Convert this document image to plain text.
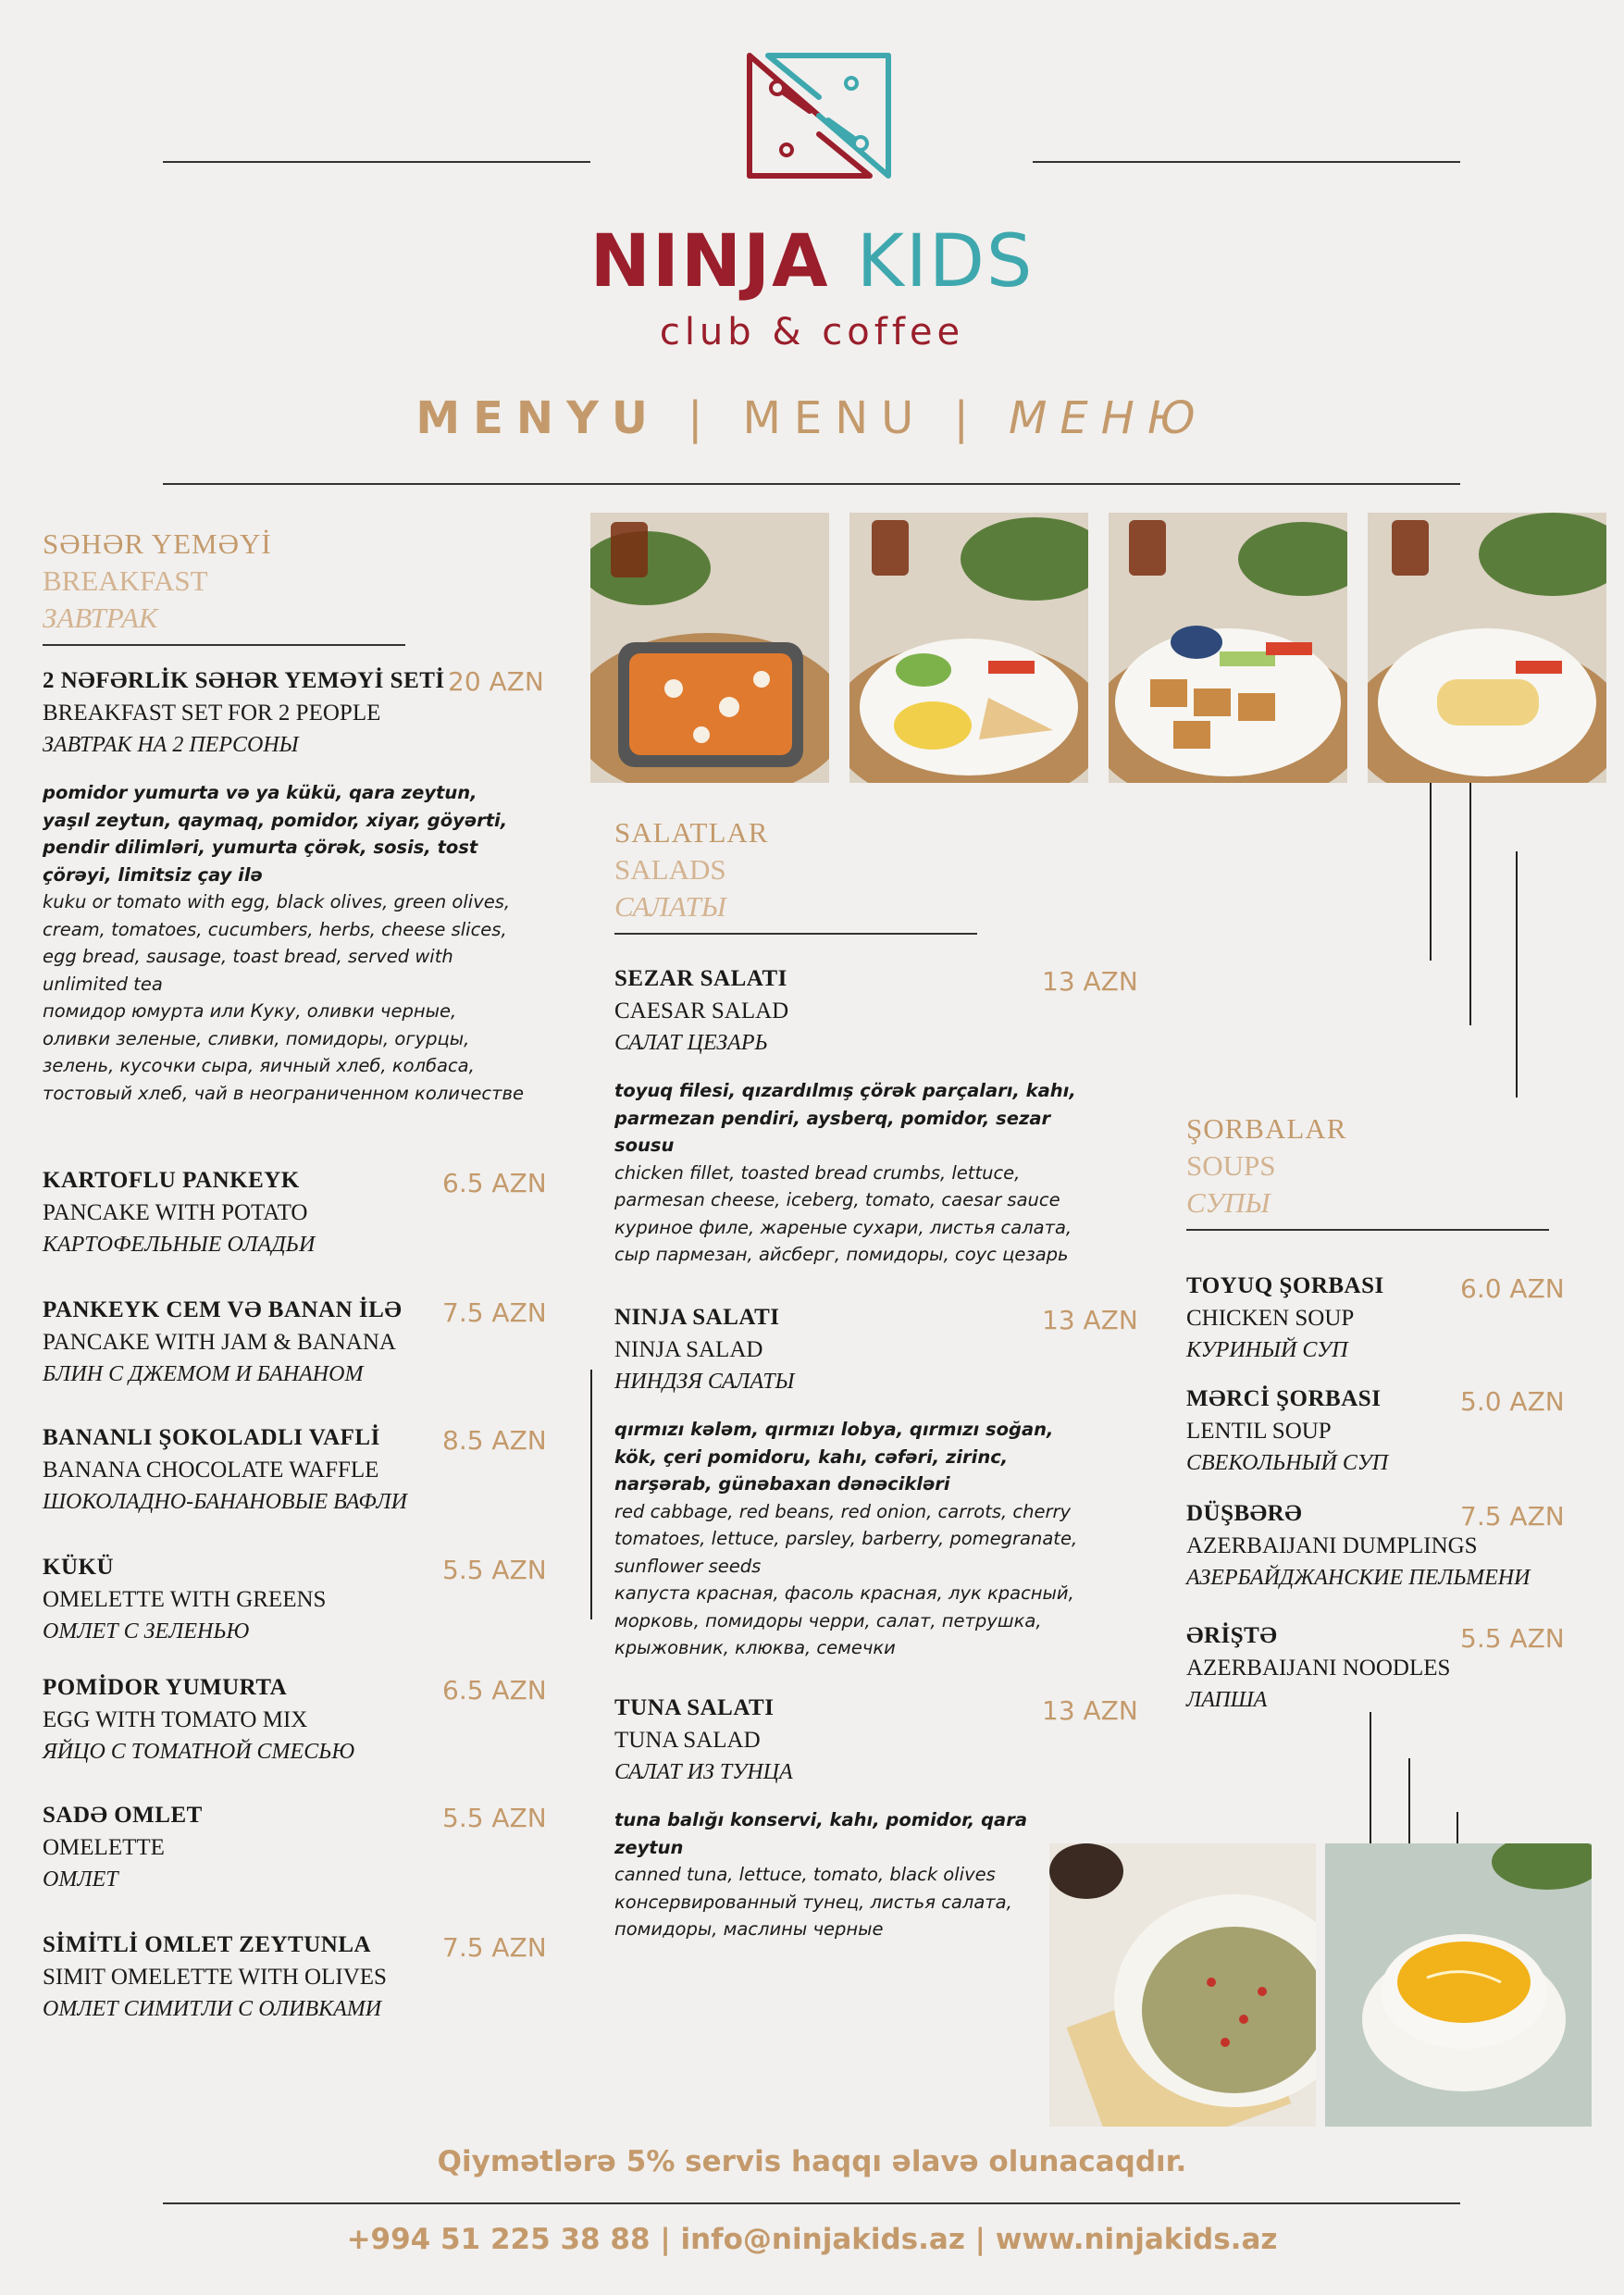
NINJA KIDS
club & coffee
MENYU | MENU | МЕНЮ
SƏHƏR YEMƏYİ
BREAKFAST
ЗАВТРАК
2 NƏFƏRLİK SƏHƏR YEMƏYİ SETİ
BREAKFAST SET FOR 2 PEOPLE
ЗАВТРАК НА 2 ПЕРСОНЫ
20 AZN
pomidor yumurta və ya kükü, qara zeytun, yaşıl zeytun, qaymaq, pomidor, xiyar, göyərti, pendir dilimləri, yumurta çörək, sosis, tost çörəyi, limitsiz çay ilə
kuku or tomato with egg, black olives, green olives, cream, tomatoes, cucumbers, herbs, cheese slices, egg bread, sausage, toast bread, served with unlimited tea
помидор юмурта или Куку, оливки черные, оливки зеленые, сливки, помидоры, огурцы, зелень, кусочки сыра, яичный хлеб, колбаса, тостовый хлеб, чай в неограниченном количестве
KARTOFLU PANKEYK
PANCAKE WITH POTATO
КАРТОФЕЛЬНЫЕ ОЛАДЬИ
6.5 AZN
PANKEYK CEM VƏ BANAN İLƏ
PANCAKE WITH JAM & BANANA
БЛИН С ДЖЕМОМ И БАНАНОМ
7.5 AZN
BANANLI ŞOKOLADLI VAFLİ
BANANA CHOCOLATE WAFFLE
ШОКОЛАДНО-БАНАНОВЫЕ ВАФЛИ
8.5 AZN
KÜKÜ
OMELETTE WITH GREENS
ОМЛЕТ С ЗЕЛЕНЬЮ
5.5 AZN
POMİDOR YUMURTA
EGG WITH TOMATO MIX
ЯЙЦО С ТОМАТНОЙ СМЕСЬЮ
6.5 AZN
SADƏ OMLET
OMELETTE
ОМЛЕТ
5.5 AZN
SİMİTLİ OMLET ZEYTUNLA
SIMIT OMELETTE WITH OLIVES
ОМЛЕТ СИМИТЛИ С ОЛИВКАМИ
7.5 AZN
SALATLAR
SALADS
САЛАТЫ
SEZAR SALATI
CAESAR SALAD
САЛАТ ЦЕЗАРЬ
13 AZN
toyuq filesi, qızardılmış çörək parçaları, kahı, parmezan pendiri, aysberq, pomidor, sezar sousu
chicken fillet, toasted bread crumbs, lettuce, parmesan cheese, iceberg, tomato, caesar sauce
куриное филе, жареные сухари, листья салата, сыр пармезан, айсберг, помидоры, соус цезарь
NINJA SALATI
NINJA SALAD
НИНДЗЯ САЛАТЫ
13 AZN
qırmızı kələm, qırmızı lobya, qırmızı soğan, kök, çeri pomidoru, kahı, cəfəri, zirinc, narşərab, günəbaxan dənəcikləri
red cabbage, red beans, red onion, carrots, cherry tomatoes, lettuce, parsley, barberry, pomegranate, sunflower seeds
капуста красная, фасоль красная, лук красный, морковь, помидоры черри, салат, петрушка, крыжовник, клюква, семечки
TUNA SALATI
TUNA SALAD
САЛАТ ИЗ ТУНЦА
13 AZN
tuna balığı konservi, kahı, pomidor, qara zeytun
canned tuna, lettuce, tomato, black olives
консервированный тунец, листья салата, помидоры, маслины черные
ŞORBALAR
SOUPS
СУПЫ
TOYUQ ŞORBASI
CHICKEN SOUP
КУРИНЫЙ СУП
6.0 AZN
MƏRCİ ŞORBASI
LENTIL SOUP
СВЕКОЛЬНЫЙ СУП
5.0 AZN
DÜŞBƏRƏ
AZERBAIJANI DUMPLINGS
АЗЕРБАЙДЖАНСКИЕ ПЕЛЬМЕНИ
7.5 AZN
ƏRİŞTƏ
AZERBAIJANI NOODLES
ЛАПША
5.5 AZN
Qiymətlərə 5% servis haqqı əlavə olunacaqdır.
+994 51 225 38 88 | info@ninjakids.az | www.ninjakids.az
